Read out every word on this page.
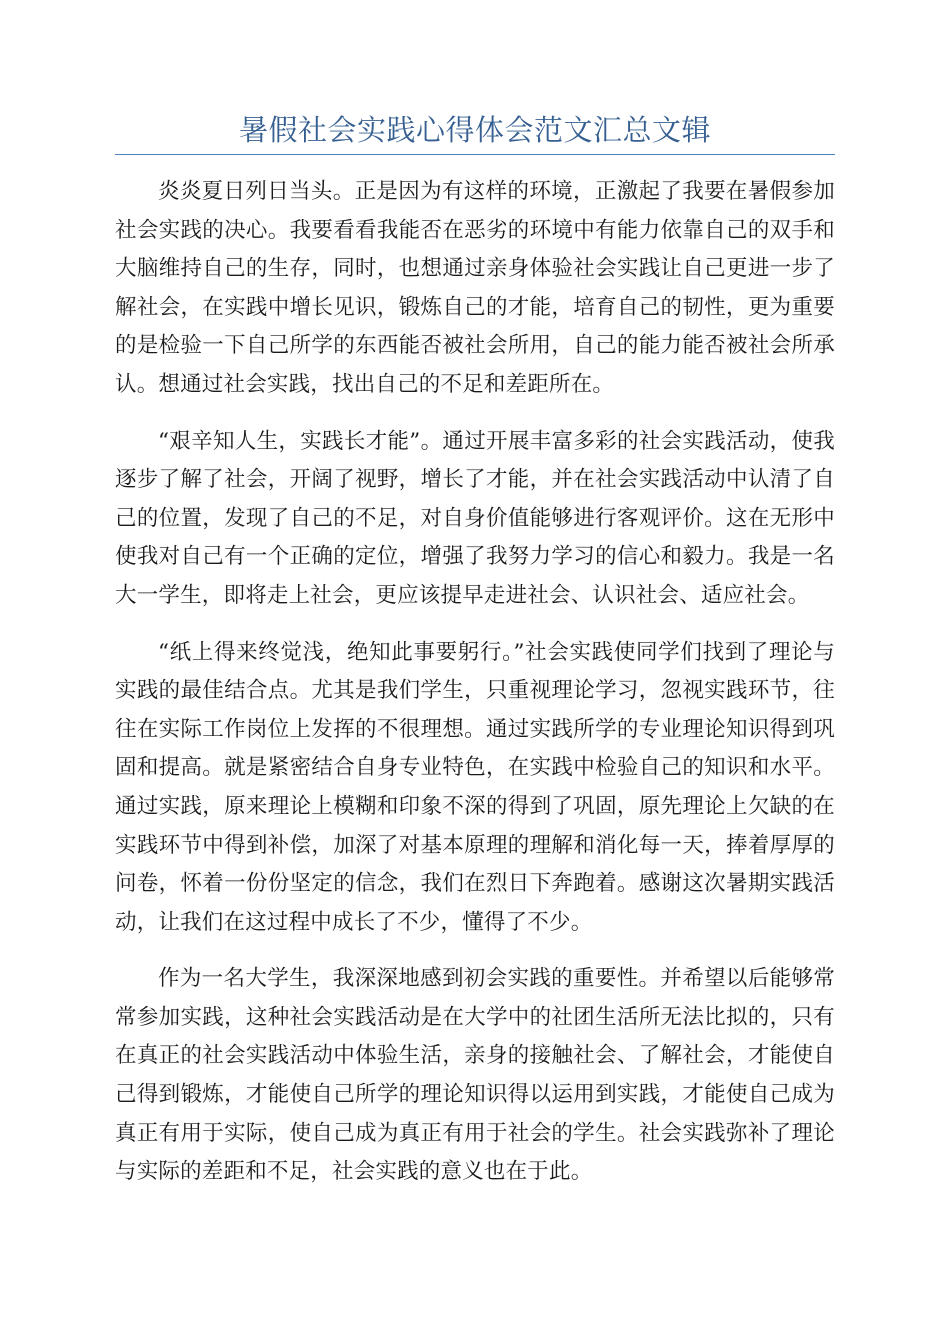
暑假社会实践心得体会范文汇总文辑

炎炎夏日列日当头。正是因为有这样的环境，正激起了我要在暑假参加社会实践的决心。我要看看我能否在恶劣的环境中有能力依靠自己的双手和大脑维持自己的生存，同时，也想通过亲身体验社会实践让自己更进一步了解社会，在实践中增长见识，锻炼自己的才能，培育自己的韧性，更为重要的是检验一下自己所学的东西能否被社会所用，自己的能力能否被社会所承认。想通过社会实践，找出自己的不足和差距所在。

“艰辛知人生，实践长才能”。通过开展丰富多彩的社会实践活动，使我逐步了解了社会，开阔了视野，增长了才能，并在社会实践活动中认清了自己的位置，发现了自己的不足，对自身价值能够进行客观评价。这在无形中使我对自己有一个正确的定位，增强了我努力学习的信心和毅力。我是一名大一学生，即将走上社会，更应该提早走进社会、认识社会、适应社会。

“纸上得来终觉浅，绝知此事要躬行。”社会实践使同学们找到了理论与实践的最佳结合点。尤其是我们学生，只重视理论学习，忽视实践环节，往往在实际工作岗位上发挥的不很理想。通过实践所学的专业理论知识得到巩固和提高。就是紧密结合自身专业特色，在实践中检验自己的知识和水平。通过实践，原来理论上模糊和印象不深的得到了巩固，原先理论上欠缺的在实践环节中得到补偿，加深了对基本原理的理解和消化每一天，捧着厚厚的问卷，怀着一份份坚定的信念，我们在烈日下奔跑着。感谢这次暑期实践活动，让我们在这过程中成长了不少，懂得了不少。

作为一名大学生，我深深地感到初会实践的重要性。并希望以后能够常常参加实践，这种社会实践活动是在大学中的社团生活所无法比拟的，只有在真正的社会实践活动中体验生活，亲身的接触社会、了解社会，才能使自己得到锻炼，才能使自己所学的理论知识得以运用到实践，才能使自己成为真正有用于实际，使自己成为真正有用于社会的学生。社会实践弥补了理论与实际的差距和不足，社会实践的意义也在于此。
